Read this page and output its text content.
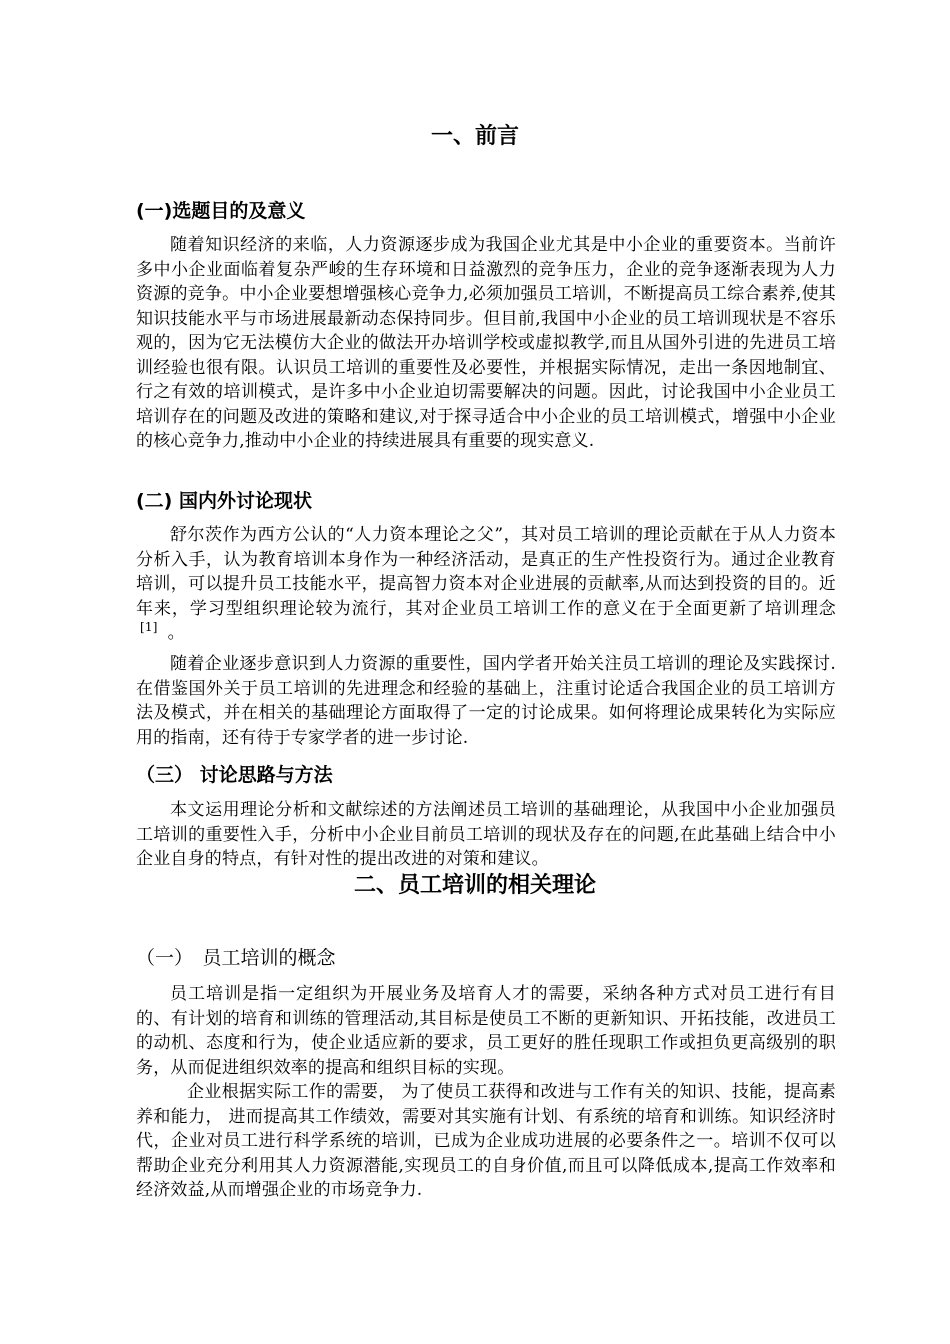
一、前言
(一)选题目的及意义

随着知识经济的来临，人力资源逐步成为我国企业尤其是中小企业的重要资本。当前许多中小企业面临着复杂严峻的生存环境和日益激烈的竞争压力，企业的竞争逐渐表现为人力资源的竞争。中小企业要想增强核心竞争力,必须加强员工培训，不断提高员工综合素养,使其知识技能水平与市场进展最新动态保持同步。但目前,我国中小企业的员工培训现状是不容乐观的，因为它无法模仿大企业的做法开办培训学校或虚拟教学,而且从国外引进的先进员工培训经验也很有限。认识员工培训的重要性及必要性，并根据实际情况，走出一条因地制宜、行之有效的培训模式，是许多中小企业迫切需要解决的问题。因此，讨论我国中小企业员工培训存在的问题及改进的策略和建议,对于探寻适合中小企业的员工培训模式，增强中小企业的核心竞争力,推动中小企业的持续进展具有重要的现实意义.

(二) 国内外讨论现状

舒尔茨作为西方公认的“人力资本理论之父”，其对员工培训的理论贡献在于从人力资本分析入手，认为教育培训本身作为一种经济活动，是真正的生产性投资行为。通过企业教育培训，可以提升员工技能水平，提高智力资本对企业进展的贡献率,从而达到投资的目的。近年来，学习型组织理论较为流行，其对企业员工培训工作的意义在于全面更新了培训理念[1] 。

随着企业逐步意识到人力资源的重要性，国内学者开始关注员工培训的理论及实践探讨.在借鉴国外关于员工培训的先进理念和经验的基础上，注重讨论适合我国企业的员工培训方法及模式，并在相关的基础理论方面取得了一定的讨论成果。如何将理论成果转化为实际应用的指南，还有待于专家学者的进一步讨论.

（三） 讨论思路与方法

本文运用理论分析和文献综述的方法阐述员工培训的基础理论，从我国中小企业加强员工培训的重要性入手，分析中小企业目前员工培训的现状及存在的问题,在此基础上结合中小企业自身的特点，有针对性的提出改进的对策和建议。

二、员工培训的相关理论
（一）　员工培训的概念

员工培训是指一定组织为开展业务及培育人才的需要，采纳各种方式对员工进行有目的、有计划的培育和训练的管理活动,其目标是使员工不断的更新知识、开拓技能，改进员工的动机、态度和行为，使企业适应新的要求，员工更好的胜任现职工作或担负更高级别的职务，从而促进组织效率的提高和组织目标的实现。

企业根据实际工作的需要， 为了使员工获得和改进与工作有关的知识、技能，提高素养和能力， 进而提高其工作绩效，需要对其实施有计划、有系统的培育和训练。知识经济时代，企业对员工进行科学系统的培训，已成为企业成功进展的必要条件之一。培训不仅可以帮助企业充分利用其人力资源潜能,实现员工的自身价值,而且可以降低成本,提高工作效率和经济效益,从而增强企业的市场竞争力.
